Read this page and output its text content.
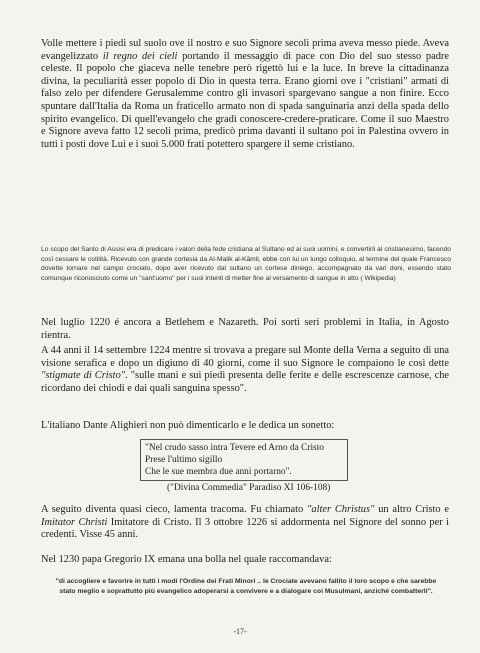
Volle mettere i piedi sul suolo ove il nostro e suo Signore secoli prima aveva messo piede. Aveva evangelizzato il regno dei cieli portando il messaggio di pace con Dio del suo stesso padre celeste. Il popolo che giaceva nelle tenebre però rigettò lui e la luce. In breve la cittadinanza divina, la peculiarità esser popolo di Dio in questa terra. Erano giorni ove i "cristiani" armati di falso zelo per difendere Gerusalemme contro gli invasori spargevano sangue a non finire. Ecco spuntare dall'Italia da Roma un fraticello armato non di spada sanguinaria anzi della spada dello spirito evangelico. Di quell'evangelo che gradì conoscere-credere-praticare. Come il suo Maestro e Signore aveva fatto 12 secoli prima, predicò prima davanti il sultano poi in Palestina ovvero in tutti i posti dove Lui e i suoi 5.000 frati potettero spargere il seme cristiano.

Lo scopo del Santo di Assisi era di predicare i valori della fede cristiana al Sultano ed ai suoi uomini, e convertirli al cristianesimo, facendo così cessare le ostilità. Ricevuto con grande cortesia da Al-Malik al-Kāmil, ebbe con lui un lungo colloquio, al termine del quale Francesco dovette tornare nel campo crociato, dopo aver ricevuto dal sultano un cortese diniego, accompagnato da vari doni, essendo stato comunque riconosciuto come un "sant'uomo" per i suoi intenti di metter fine al versamento di sangue in atto ( Wikipedia)

Nel luglio 1220 é ancora a Betlehem e Nazareth. Poi sorti seri problemi in Italia, in Agosto rientra.

A 44 anni il 14 settembre 1224 mentre si trovava a pregare sul Monte della Verna a seguito di una visione serafica e dopo un digiuno di 40 giorni, come il suo Signore le compaiono le così dette "stigmate di Cristo". "sulle mani e sui piedi presenta delle ferite e delle escrescenze carnose, che ricordano dei chiodi e dai quali sanguina spesso".

L'italiano Dante Alighieri non può dimenticarlo e le dedica un sonetto:

"Nel crudo sasso intra Tevere ed Arno da Cristo
Prese l'ultimo sigillo
Che le sue membra due anni portarno".
("Divina Commedia" Paradiso XI 106-108)

A seguito diventa quasi cieco, lamenta tracoma. Fu chiamato "alter Christus" un altro Cristo e Imitator Christi Imitatore di Cristo. Il 3 ottobre 1226 si addormenta nel Signore del sonno per i credenti. Visse 45 anni.

Nel 1230 papa Gregorio IX emana una bolla nel quale raccomandava:

"di accogliere e favorire in tutti i modi l'Ordine dei Frati Minori .. le Crociate avevano fallito il loro scopo e che sarebbe stato meglio e soprattutto più evangelico adoperarsi a convivere e a dialogare coi Musulmani, anziché combatterli".

-17-
